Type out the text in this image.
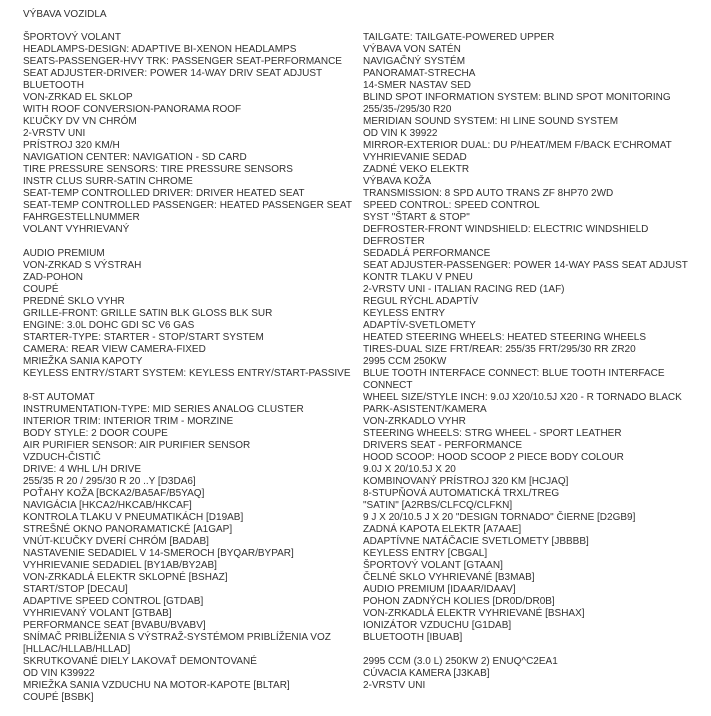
VÝBAVA VOZIDLA
ŠPORTOVÝ VOLANT	TAILGATE: TAILGATE-POWERED UPPER
HEADLAMPS-DESIGN: ADAPTIVE BI-XENON HEADLAMPS	VÝBAVA VON SATÉN
SEATS-PASSENGER-HVY TRK: PASSENGER SEAT-PERFORMANCE	NAVIGAČNÝ SYSTÉM
SEAT ADJUSTER-DRIVER: POWER 14-WAY DRIV SEAT ADJUST	PANORAMAT-STRECHA
BLUETOOTH	14-SMER NASTAV SED
VON-ZRKAD EL SKLOP	BLIND SPOT INFORMATION SYSTEM: BLIND SPOT MONITORING
WITH ROOF CONVERSION-PANORAMA ROOF	255/35-/295/30 R20
KĽUČKY DV VN CHRÓM	MERIDIAN SOUND SYSTEM: HI LINE SOUND SYSTEM
2-VRSTV UNI	OD VIN K 39922
PRÍSTROJ 320 KM/H	MIRROR-EXTERIOR DUAL: DU P/HEAT/MEM F/BACK E'CHROMAT
NAVIGATION CENTER: NAVIGATION - SD CARD	VYHRIEVANIE SEDAD
TIRE PRESSURE SENSORS: TIRE PRESSURE SENSORS	ZADNÉ VEKO ELEKTR
INSTR CLUS SURR-SATIN CHROME	VÝBAVA KOŽA
SEAT-TEMP CONTROLLED DRIVER: DRIVER HEATED SEAT	TRANSMISSION: 8 SPD AUTO TRANS ZF 8HP70 2WD
SEAT-TEMP CONTROLLED PASSENGER: HEATED PASSENGER SEAT	SPEED CONTROL: SPEED CONTROL
FAHRGESTELLNUMMER	SYST "ŠTART & STOP"
VOLANT VYHRIEVANÝ	DEFROSTER-FRONT WINDSHIELD: ELECTRIC WINDSHIELD
DEFROSTER
AUDIO PREMIUM	SEDADLÁ PERFORMANCE
VON-ZRKAD S VÝSTRAH	SEAT ADJUSTER-PASSENGER: POWER 14-WAY PASS SEAT ADJUST
ZAD-POHON	KONTR TLAKU V PNEU
COUPÉ	2-VRSTV UNI - ITALIAN RACING RED (1AF)
PREDNÉ SKLO VYHR	REGUL RÝCHL ADAPTÍV
GRILLE-FRONT: GRILLE SATIN BLK GLOSS BLK SUR	KEYLESS ENTRY
ENGINE: 3.0L DOHC GDI SC V6 GAS	ADAPTÍV-SVETLOMETY
STARTER-TYPE: STARTER - STOP/START SYSTEM	HEATED STEERING WHEELS: HEATED STEERING WHEELS
CAMERA: REAR VIEW CAMERA-FIXED	TIRES-DUAL SIZE FRT/REAR: 255/35 FRT/295/30 RR ZR20
MRIEŽKA SANIA KAPOTY	2995 CCM 250KW
KEYLESS ENTRY/START SYSTEM: KEYLESS ENTRY/START-PASSIVE	BLUE TOOTH INTERFACE CONNECT: BLUE TOOTH INTERFACE
CONNECT
8-ST AUTOMAT	WHEEL SIZE/STYLE INCH: 9.0J X20/10.5J X20 - R TORNADO BLACK
INSTRUMENTATION-TYPE: MID SERIES ANALOG CLUSTER	PARK-ASISTENT/KAMERA
INTERIOR TRIM: INTERIOR TRIM - MORZINE	VON-ZRKADLO VYHR
BODY STYLE: 2 DOOR COUPE	STEERING WHEELS: STRG WHEEL - SPORT LEATHER
AIR PURIFIER SENSOR: AIR PURIFIER SENSOR	DRIVERS SEAT - PERFORMANCE
VZDUCH-ČISTIČ	HOOD SCOOP: HOOD SCOOP 2 PIECE BODY COLOUR
DRIVE: 4 WHL L/H DRIVE	9.0J X 20/10.5J X 20
255/35 R 20 / 295/30 R 20 ..Y [D3DA6]	KOMBINOVANÝ PRÍSTROJ 320 KM [HCJAQ]
POŤAHY KOŽA [BCKA2/BA5AF/B5YAQ]	8-STUPŇOVÁ AUTOMATICKÁ TRXL/TREG
NAVIGÁCIA [HKCA2/HKCAB/HKCAF]	"SATIN" [A2RBS/CLFCQ/CLFKN]
KONTROLA TLAKU V PNEUMATIKÁCH [D19AB]	9 J X 20/10.5 J X 20 "DESIGN TORNADO" ČIERNE [D2GB9]
STREŠNÉ OKNO PANORAMATICKÉ [A1GAP]	ZADNÁ KAPOTA ELEKTR [A7AAE]
VNÚT-KĽUČKY DVERÍ CHRÓM [BADAB]	ADAPTÍVNE NATÁČACIE SVETLOMETY [JBBBB]
NASTAVENIE SEDADIEL V 14-SMEROCH [BYQAR/BYPAR]	KEYLESS ENTRY [CBGAL]
VYHRIEVANIE SEDADIEL [BY1AB/BY2AB]	ŠPORTOVÝ VOLANT [GTAAN]
VON-ZRKADLÁ ELEKTR SKLOPNÉ [BSHAZ]	ČELNÉ SKLO VYHRIEVANÉ [B3MAB]
START/STOP [DECAU]	AUDIO PREMIUM [IDAAR/IDAAV]
ADAPTIVE SPEED CONTROL [GTDAB]	POHON ZADNÝCH KOLIES [DR0D/DR0B]
VYHRIEVANÝ VOLANT [GTBAB]	VON-ZRKADLÁ ELEKTR VYHRIEVANÉ [BSHAX]
PERFORMANCE SEAT [BVABU/BVABV]	IONIZÁTOR VZDUCHU [G1DAB]
SNÍMAČ PRIBLÍŽENIA S VÝSTRAŽ-SYSTÉMOM PRIBLÍŽENIA VOZ	BLUETOOTH [IBUAB]
[HLLAC/HLLAB/HLLAD]
SKRUTKOVANÉ DIELY LAKOVAŤ DEMONTOVANÉ	2995 CCM (3.0 L) 250KW 2) ENUQ^C2EA1
OD VIN K39922	CÚVACIA KAMERA [J3KAB]
MRIEŽKA SANIA VZDUCHU NA MOTOR-KAPOTE [BLTAR]	2-VRSTV UNI
COUPÉ [BSBK]
